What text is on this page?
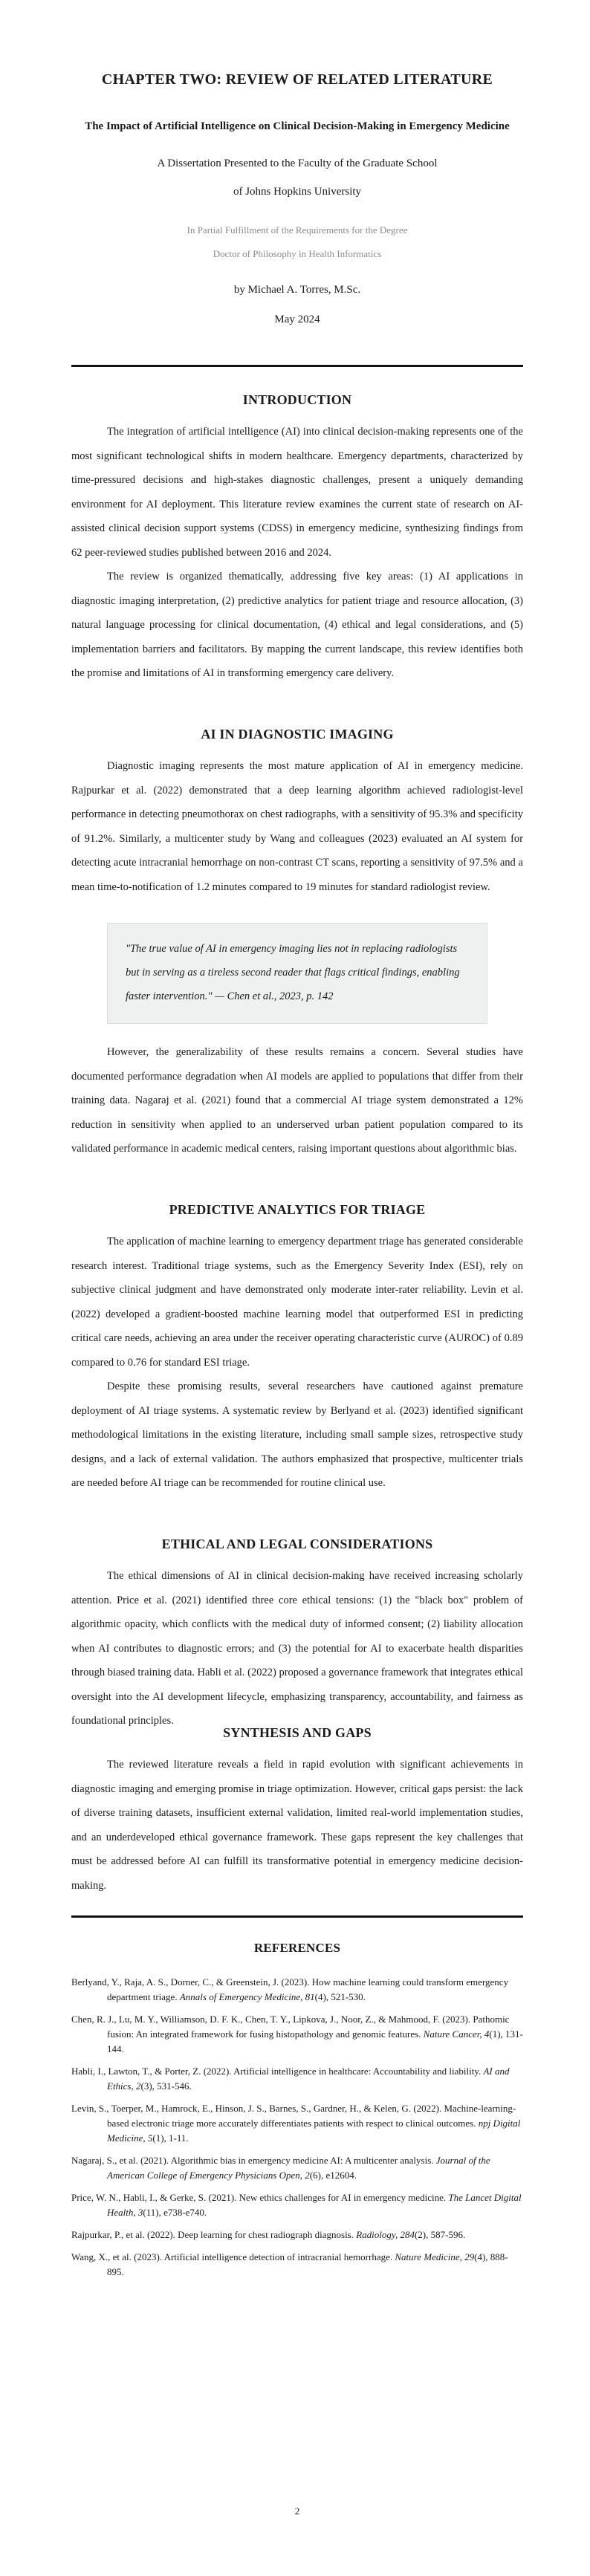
CHAPTER TWO: REVIEW OF RELATED LITERATURE
The Impact of Artificial Intelligence on Clinical Decision-Making in Emergency Medicine
A Dissertation Presented to the Faculty of the Graduate School
of Johns Hopkins University
In Partial Fulfillment of the Requirements for the Degree
Doctor of Philosophy in Health Informatics
by Michael A. Torres, M.Sc.
May 2024
INTRODUCTION

The integration of artificial intelligence (AI) into clinical decision-making represents one of the most significant technological shifts in modern healthcare. Emergency departments, characterized by time-pressured decisions and high-stakes diagnostic challenges, present a uniquely demanding environment for AI deployment. This literature review examines the current state of research on AI-assisted clinical decision support systems (CDSS) in emergency medicine, synthesizing findings from 62 peer-reviewed studies published between 2016 and 2024.

The review is organized thematically, addressing five key areas: (1) AI applications in diagnostic imaging interpretation, (2) predictive analytics for patient triage and resource allocation, (3) natural language processing for clinical documentation, (4) ethical and legal considerations, and (5) implementation barriers and facilitators. By mapping the current landscape, this review identifies both the promise and limitations of AI in transforming emergency care delivery.

AI IN DIAGNOSTIC IMAGING

Diagnostic imaging represents the most mature application of AI in emergency medicine. Rajpurkar et al. (2022) demonstrated that a deep learning algorithm achieved radiologist-level performance in detecting pneumothorax on chest radiographs, with a sensitivity of 95.3% and specificity of 91.2%. Similarly, a multicenter study by Wang and colleagues (2023) evaluated an AI system for detecting acute intracranial hemorrhage on non-contrast CT scans, reporting a sensitivity of 97.5% and a mean time-to-notification of 1.2 minutes compared to 19 minutes for standard radiologist review.

"The true value of AI in emergency imaging lies not in replacing radiologists but in serving as a tireless second reader that flags critical findings, enabling faster intervention." — Chen et al., 2023, p. 142

However, the generalizability of these results remains a concern. Several studies have documented performance degradation when AI models are applied to populations that differ from their training data. Nagaraj et al. (2021) found that a commercial AI triage system demonstrated a 12% reduction in sensitivity when applied to an underserved urban patient population compared to its validated performance in academic medical centers, raising important questions about algorithmic bias.

PREDICTIVE ANALYTICS FOR TRIAGE

The application of machine learning to emergency department triage has generated considerable research interest. Traditional triage systems, such as the Emergency Severity Index (ESI), rely on subjective clinical judgment and have demonstrated only moderate inter-rater reliability. Levin et al. (2022) developed a gradient-boosted machine learning model that outperformed ESI in predicting critical care needs, achieving an area under the receiver operating characteristic curve (AUROC) of 0.89 compared to 0.76 for standard ESI triage.

Despite these promising results, several researchers have cautioned against premature deployment of AI triage systems. A systematic review by Berlyand et al. (2023) identified significant methodological limitations in the existing literature, including small sample sizes, retrospective study designs, and a lack of external validation. The authors emphasized that prospective, multicenter trials are needed before AI triage can be recommended for routine clinical use.

ETHICAL AND LEGAL CONSIDERATIONS

The ethical dimensions of AI in clinical decision-making have received increasing scholarly attention. Price et al. (2021) identified three core ethical tensions: (1) the "black box" problem of algorithmic opacity, which conflicts with the medical duty of informed consent; (2) liability allocation when AI contributes to diagnostic errors; and (3) the potential for AI to exacerbate health disparities through biased training data. Habli et al. (2022) proposed a governance framework that integrates ethical oversight into the AI development lifecycle, emphasizing transparency, accountability, and fairness as foundational principles.

SYNTHESIS AND GAPS

The reviewed literature reveals a field in rapid evolution with significant achievements in diagnostic imaging and emerging promise in triage optimization. However, critical gaps persist: the lack of diverse training datasets, insufficient external validation, limited real-world implementation studies, and an underdeveloped ethical governance framework. These gaps represent the key challenges that must be addressed before AI can fulfill its transformative potential in emergency medicine decision-making.

REFERENCES

Berlyand, Y., Raja, A. S., Dorner, C., & Greenstein, J. (2023). How machine learning could transform emergency department triage. Annals of Emergency Medicine, 81(4), 521-530.

Chen, R. J., Lu, M. Y., Williamson, D. F. K., Chen, T. Y., Lipkova, J., Noor, Z., & Mahmood, F. (2023). Pathomic fusion: An integrated framework for fusing histopathology and genomic features. Nature Cancer, 4(1), 131-144.

Habli, I., Lawton, T., & Porter, Z. (2022). Artificial intelligence in healthcare: Accountability and liability. AI and Ethics, 2(3), 531-546.

Levin, S., Toerper, M., Hamrock, E., Hinson, J. S., Barnes, S., Gardner, H., & Kelen, G. (2022). Machine-learning-based electronic triage more accurately differentiates patients with respect to clinical outcomes. npj Digital Medicine, 5(1), 1-11.

Nagaraj, S., et al. (2021). Algorithmic bias in emergency medicine AI: A multicenter analysis. Journal of the American College of Emergency Physicians Open, 2(6), e12604.

Price, W. N., Habli, I., & Gerke, S. (2021). New ethics challenges for AI in emergency medicine. The Lancet Digital Health, 3(11), e738-e740.

Rajpurkar, P., et al. (2022). Deep learning for chest radiograph diagnosis. Radiology, 284(2), 587-596.

Wang, X., et al. (2023). Artificial intelligence detection of intracranial hemorrhage. Nature Medicine, 29(4), 888-895.

2
